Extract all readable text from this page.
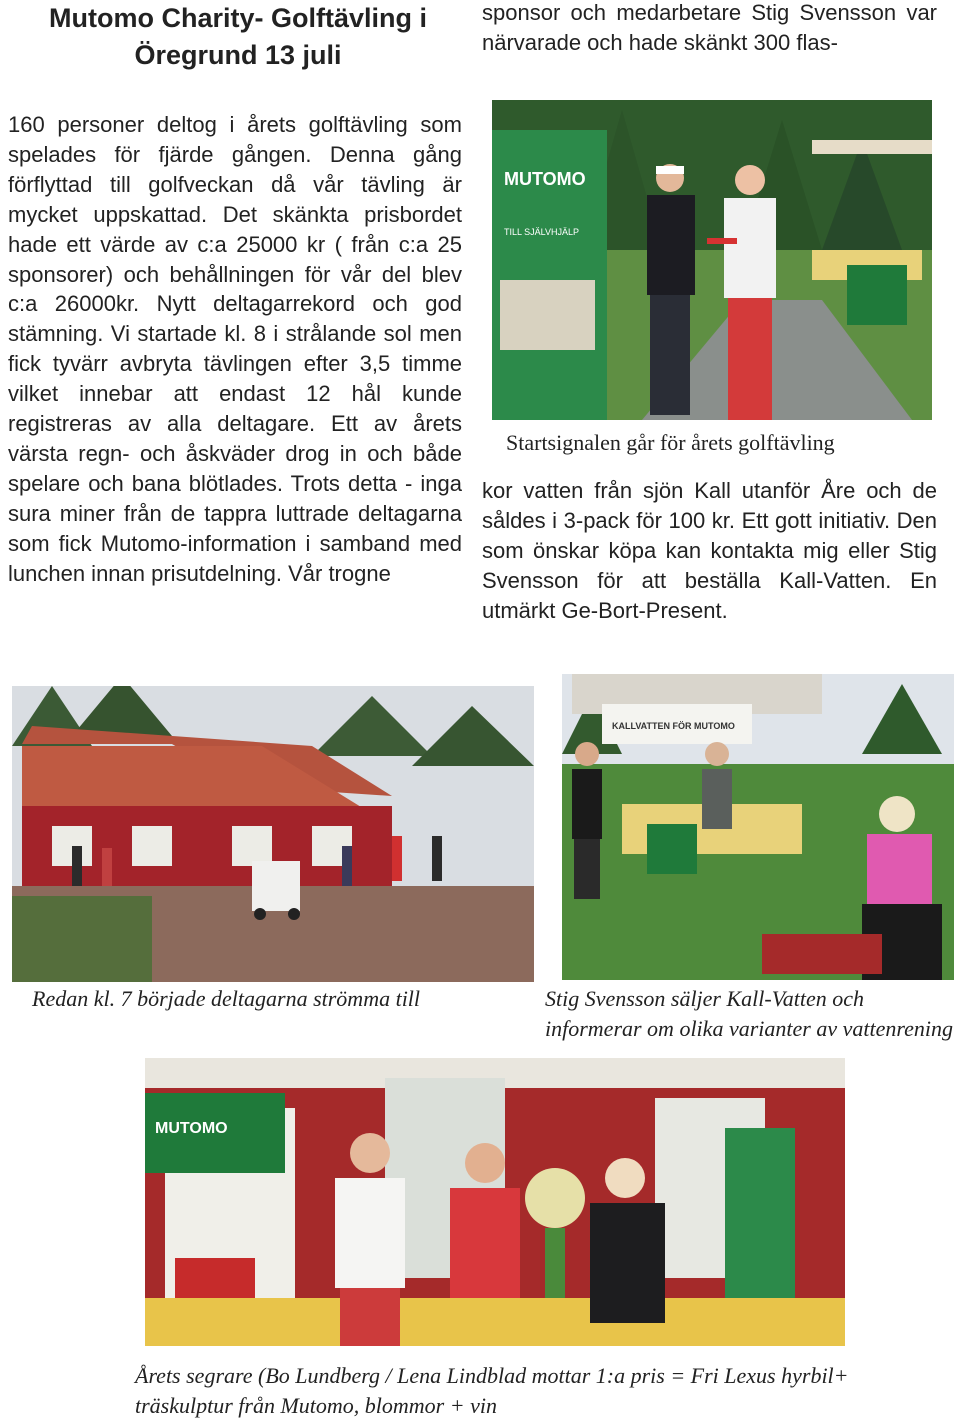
Mutomo Charity- Golftävling i
Öregrund 13 juli

160 personer deltog i årets golftävling som spelades för fjärde gången. Denna gång förflyttad till golfveckan då vår tävling är mycket uppskattad. Det skänkta prisbordet hade ett värde av c:a 25000 kr ( från c:a 25 sponsorer) och behållningen för vår del blev c:a 26000kr. Nytt deltagarrekord och god stämning. Vi startade kl. 8 i strålande sol men fick tyvärr avbryta tävlingen efter 3,5 timme vilket innebar att endast 12 hål kunde registreras av alla deltagare. Ett av årets värsta regn- och åskväder drog in och både spelare och bana blötlades. Trots detta - inga sura miner från de tappra luttrade deltagarna som fick Mutomo-information i samband med lunchen innan prisutdelning. Vår trogne

sponsor och medarbetare Stig Svensson var närvarade och hade skänkt 300 flas-

MUTOMO
TILL SJÄLVHJÄLP

Startsignalen går för årets golftävling

kor vatten från sjön Kall utanför Åre och de såldes i 3-pack för 100 kr. Ett gott initiativ. Den som önskar köpa kan kontakta mig eller Stig Svensson för att beställa Kall-Vatten. En utmärkt Ge-Bort-Present.

Redan kl. 7 började deltagarna strömma till

KALLVATTEN FÖR MUTOMO

Stig Svensson säljer Kall-Vatten och informerar om olika varianter av vattenrening

MUTOMO

Årets segrare (Bo Lundberg / Lena Lindblad mottar 1:a pris = Fri Lexus hyrbil+ träskulptur från Mutomo, blommor + vin
